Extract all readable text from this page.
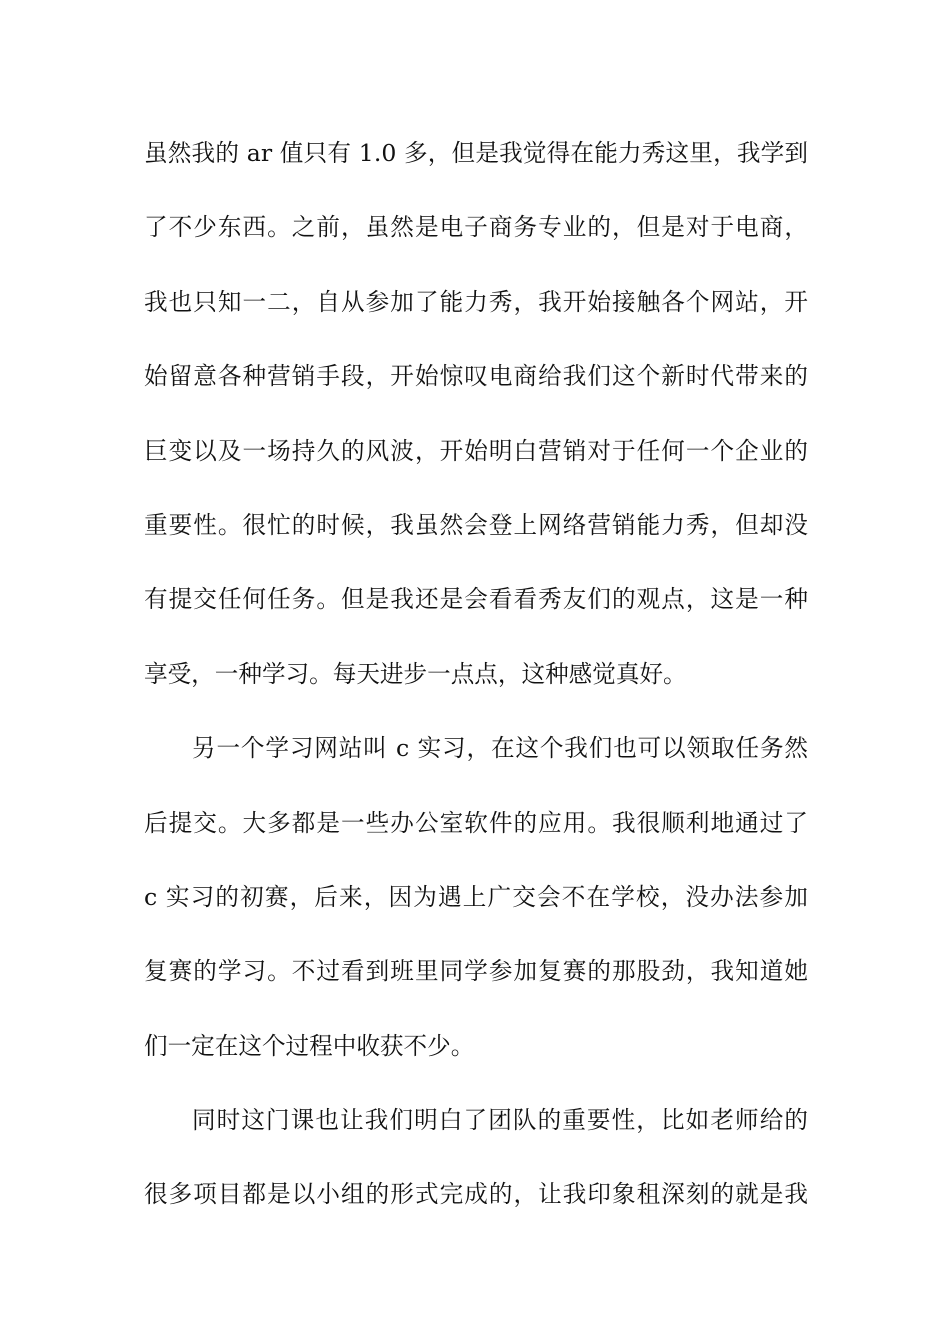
虽然我的 ar 值只有 1.0 多，但是我觉得在能力秀这里，我学到
了不少东西。之前，虽然是电子商务专业的，但是对于电商，
我也只知一二，自从参加了能力秀，我开始接触各个网站，开
始留意各种营销手段，开始惊叹电商给我们这个新时代带来的
巨变以及一场持久的风波，开始明白营销对于任何一个企业的
重要性。很忙的时候，我虽然会登上网络营销能力秀，但却没
有提交任何任务。但是我还是会看看秀友们的观点，这是一种
享受，一种学习。每天进步一点点，这种感觉真好。
另一个学习网站叫 c 实习，在这个我们也可以领取任务然
后提交。大多都是一些办公室软件的应用。我很顺利地通过了
c 实习的初赛，后来，因为遇上广交会不在学校，没办法参加
复赛的学习。不过看到班里同学参加复赛的那股劲，我知道她
们一定在这个过程中收获不少。
同时这门课也让我们明白了团队的重要性，比如老师给的
很多项目都是以小组的形式完成的，让我印象租深刻的就是我
